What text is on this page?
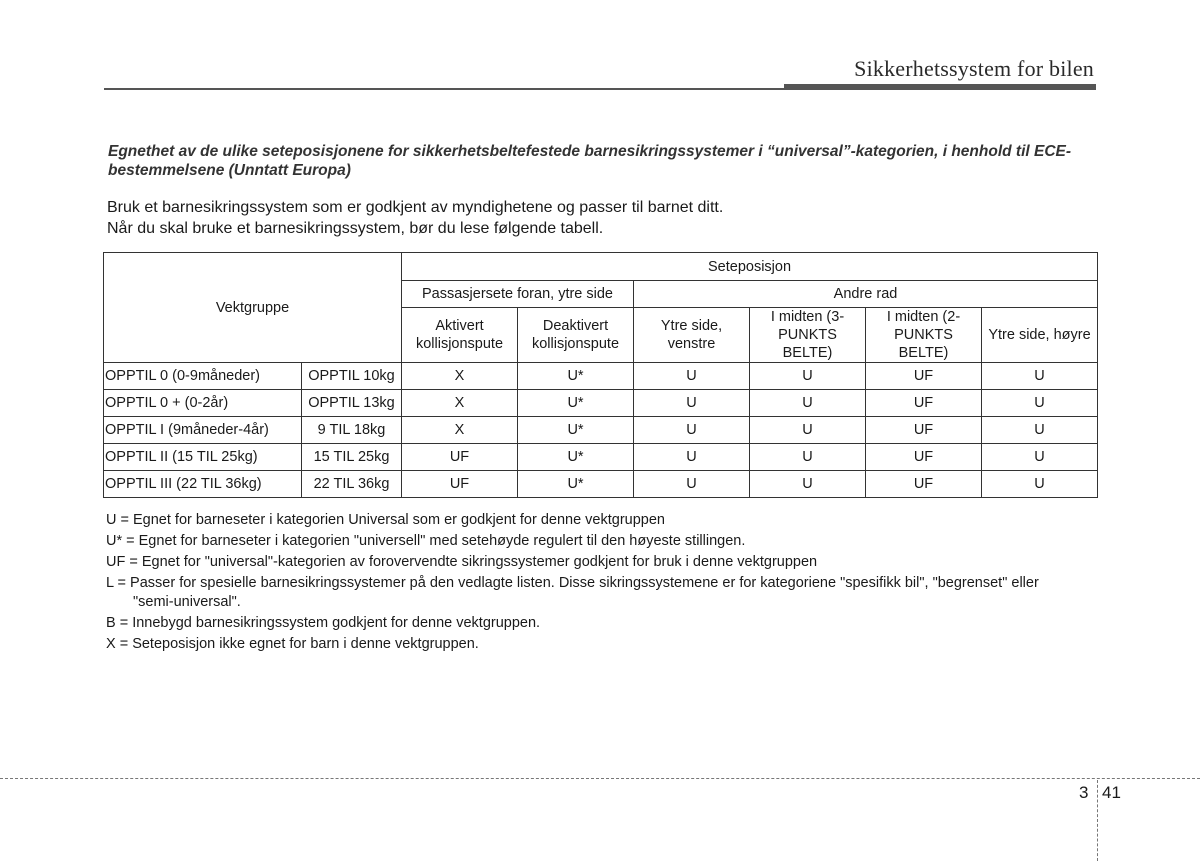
Sikkerhetssystem for bilen
Egnethet av de ulike seteposisjonene for sikkerhetsbeltefestede barnesikringssystemer i “universal”-kategorien, i henhold til ECE-bestemmelsene (Unntatt Europa)

Bruk et barnesikringssystem som er godkjent av myndighetene og passer til barnet ditt.

Når du skal bruke et barnesikringssystem, bør du lese følgende tabell.

Vektgruppe		Seteposisjon					
		Passasjersete foran, ytre side		Andre rad			
		Aktivert kollisjonspute	Deaktivert kollisjonspute	Ytre side, venstre	I midten (3-PUNKTS BELTE)	I midten (2-PUNKTS BELTE)	Ytre side, høyre
OPPTIL 0 (0-9måneder)	OPPTIL 10kg	X	U*	U	U	UF	U
OPPTIL 0 + (0-2år)	OPPTIL 13kg	X	U*	U	U	UF	U
OPPTIL I (9måneder-4år)	9 TIL 18kg	X	U*	U	U	UF	U
OPPTIL II (15 TIL 25kg)	15 TIL 25kg	UF	U*	U	U	UF	U
OPPTIL III (22 TIL 36kg)	22 TIL 36kg	UF	U*	U	U	UF	U
U = Egnet for barneseter i kategorien Universal som er godkjent for denne vektgruppen
U* = Egnet for barneseter i kategorien "universell" med setehøyde regulert til den høyeste stillingen.
UF = Egnet for "universal"-kategorien av forovervendte sikringssystemer godkjent for bruk i denne vektgruppen
L = Passer for spesielle barnesikringssystemer på den vedlagte listen. Disse sikringssystemene er for kategoriene "spesifikk bil", "begrenset" eller
"semi-universal".
B = Innebygd barnesikringssystem godkjent for denne vektgruppen.
X = Seteposisjon ikke egnet for barn i denne vektgruppen.
3 41
